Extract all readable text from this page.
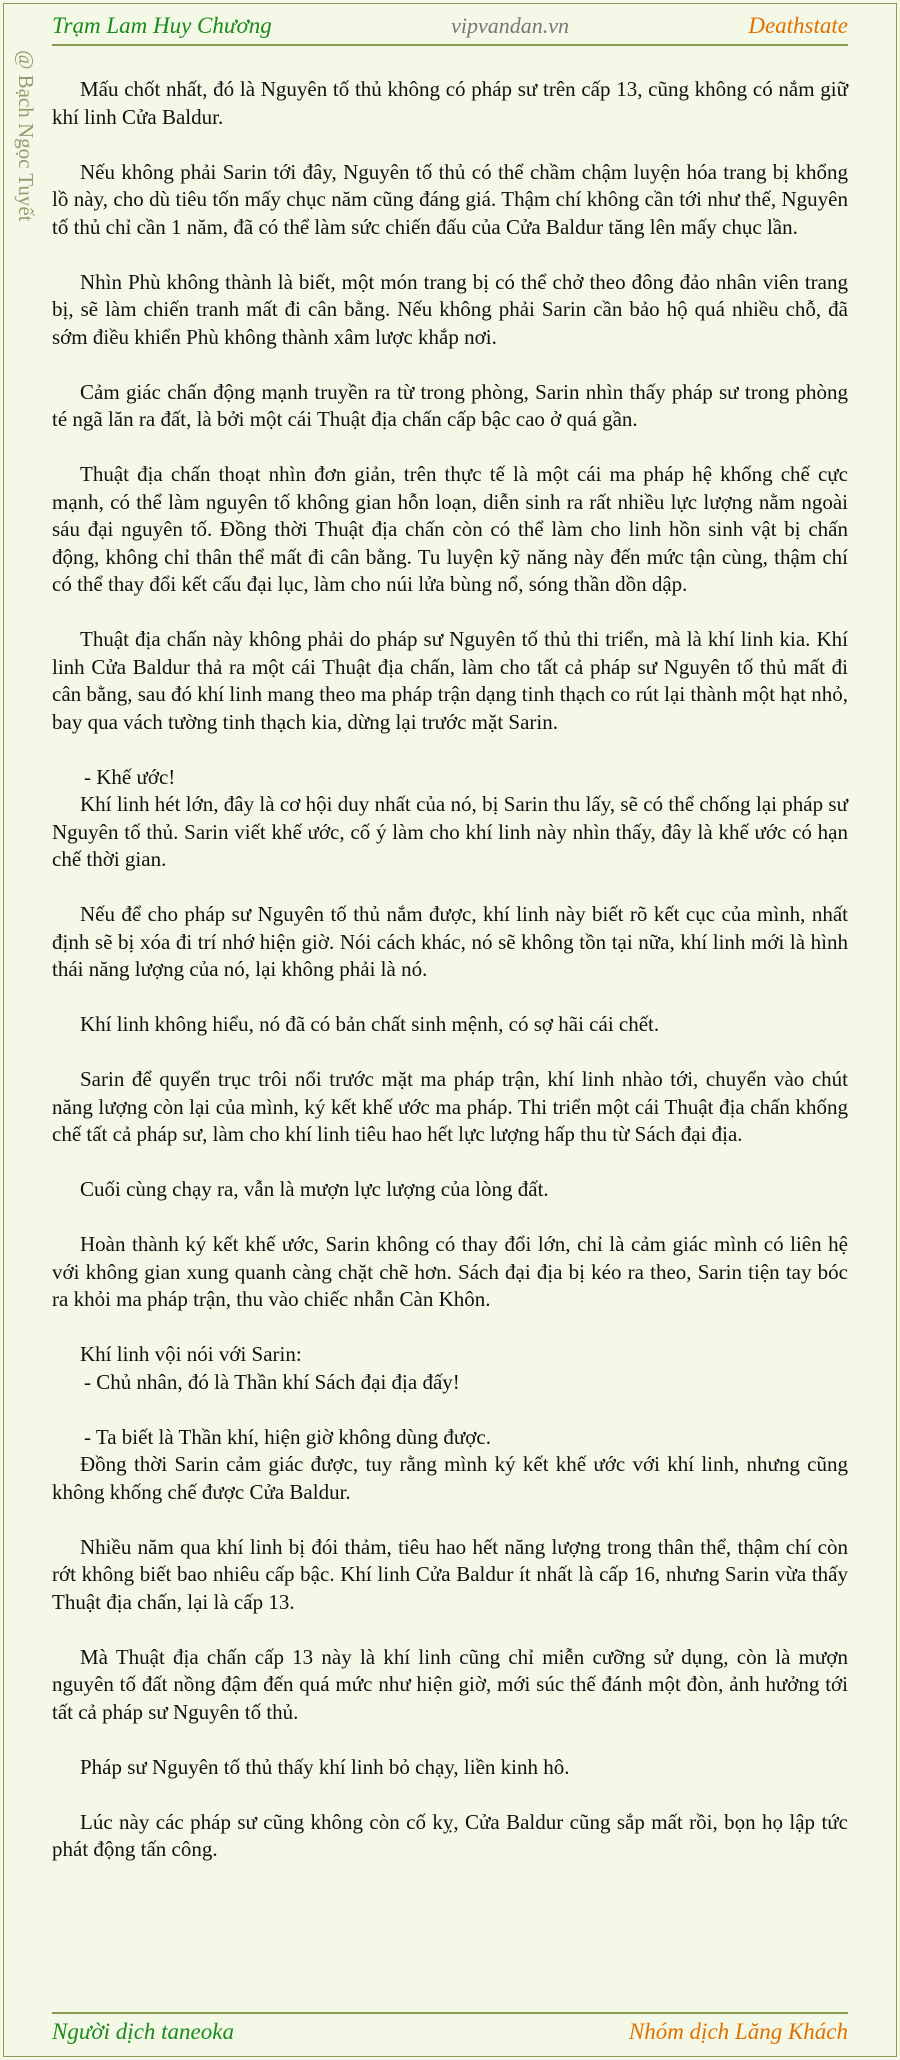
Trạm Lam Huy Chương	vipvandan.vn	Deathstate
@ Bạch Ngọc Tuyết	Mấu chốt nhất, đó là Nguyên tố thủ không có pháp sư trên cấp 13, cũng không có nắm giữ khí linh Cửa Baldur.

Nếu không phải Sarin tới đây, Nguyên tố thủ có thể chầm chậm luyện hóa trang bị khổng lồ này, cho dù tiêu tốn mấy chục năm cũng đáng giá. Thậm chí không cần tới như thế, Nguyên tố thủ chỉ cần 1 năm, đã có thể làm sức chiến đấu của Cửa Baldur tăng lên mấy chục lần.

Nhìn Phù không thành là biết, một món trang bị có thể chở theo đông đảo nhân viên trang bị, sẽ làm chiến tranh mất đi cân bằng. Nếu không phải Sarin cần bảo hộ quá nhiều chỗ, đã sớm điều khiển Phù không thành xâm lược khắp nơi.

Cảm giác chấn động mạnh truyền ra từ trong phòng, Sarin nhìn thấy pháp sư trong phòng té ngã lăn ra đất, là bởi một cái Thuật địa chấn cấp bậc cao ở quá gần.

Thuật địa chấn thoạt nhìn đơn giản, trên thực tế là một cái ma pháp hệ khống chế cực mạnh, có thể làm nguyên tố không gian hỗn loạn, diễn sinh ra rất nhiều lực lượng nằm ngoài sáu đại nguyên tố. Đồng thời Thuật địa chấn còn có thể làm cho linh hồn sinh vật bị chấn động, không chỉ thân thể mất đi cân bằng. Tu luyện kỹ năng này đến mức tận cùng, thậm chí có thể thay đổi kết cấu đại lục, làm cho núi lửa bùng nổ, sóng thần dồn dập.

Thuật địa chấn này không phải do pháp sư Nguyên tố thủ thi triển, mà là khí linh kia. Khí linh Cửa Baldur thả ra một cái Thuật địa chấn, làm cho tất cả pháp sư Nguyên tố thủ mất đi cân bằng, sau đó khí linh mang theo ma pháp trận dạng tinh thạch co rút lại thành một hạt nhỏ, bay qua vách tường tinh thạch kia, dừng lại trước mặt Sarin.

- Khế ước!

Khí linh hét lớn, đây là cơ hội duy nhất của nó, bị Sarin thu lấy, sẽ có thể chống lại pháp sư Nguyên tố thủ. Sarin viết khế ước, cố ý làm cho khí linh này nhìn thấy, đây là khế ước có hạn chế thời gian.

Nếu để cho pháp sư Nguyên tố thủ nắm được, khí linh này biết rõ kết cục của mình, nhất định sẽ bị xóa đi trí nhớ hiện giờ. Nói cách khác, nó sẽ không tồn tại nữa, khí linh mới là hình thái năng lượng của nó, lại không phải là nó.

Khí linh không hiểu, nó đã có bản chất sinh mệnh, có sợ hãi cái chết.

Sarin để quyển trục trôi nổi trước mặt ma pháp trận, khí linh nhào tới, chuyển vào chút năng lượng còn lại của mình, ký kết khế ước ma pháp. Thi triển một cái Thuật địa chấn khống chế tất cả pháp sư, làm cho khí linh tiêu hao hết lực lượng hấp thu từ Sách đại địa.

Cuối cùng chạy ra, vẫn là mượn lực lượng của lòng đất.

Hoàn thành ký kết khế ước, Sarin không có thay đổi lớn, chỉ là cảm giác mình có liên hệ với không gian xung quanh càng chặt chẽ hơn. Sách đại địa bị kéo ra theo, Sarin tiện tay bóc ra khỏi ma pháp trận, thu vào chiếc nhẫn Càn Khôn.

Khí linh vội nói với Sarin:

- Chủ nhân, đó là Thần khí Sách đại địa đấy!

- Ta biết là Thần khí, hiện giờ không dùng được.

Đồng thời Sarin cảm giác được, tuy rằng mình ký kết khế ước với khí linh, nhưng cũng không khống chế được Cửa Baldur.

Nhiều năm qua khí linh bị đói thảm, tiêu hao hết năng lượng trong thân thể, thậm chí còn rớt không biết bao nhiêu cấp bậc. Khí linh Cửa Baldur ít nhất là cấp 16, nhưng Sarin vừa thấy Thuật địa chấn, lại là cấp 13.

Mà Thuật địa chấn cấp 13 này là khí linh cũng chỉ miễn cưỡng sử dụng, còn là mượn nguyên tố đất nồng đậm đến quá mức như hiện giờ, mới súc thế đánh một đòn, ảnh hưởng tới tất cả pháp sư Nguyên tố thủ.

Pháp sư Nguyên tố thủ thấy khí linh bỏ chạy, liền kinh hô.

Lúc này các pháp sư cũng không còn cố kỵ, Cửa Baldur cũng sắp mất rồi, bọn họ lập tức phát động tấn công.

Người dịch taneoka	Nhóm dịch Lăng Khách
